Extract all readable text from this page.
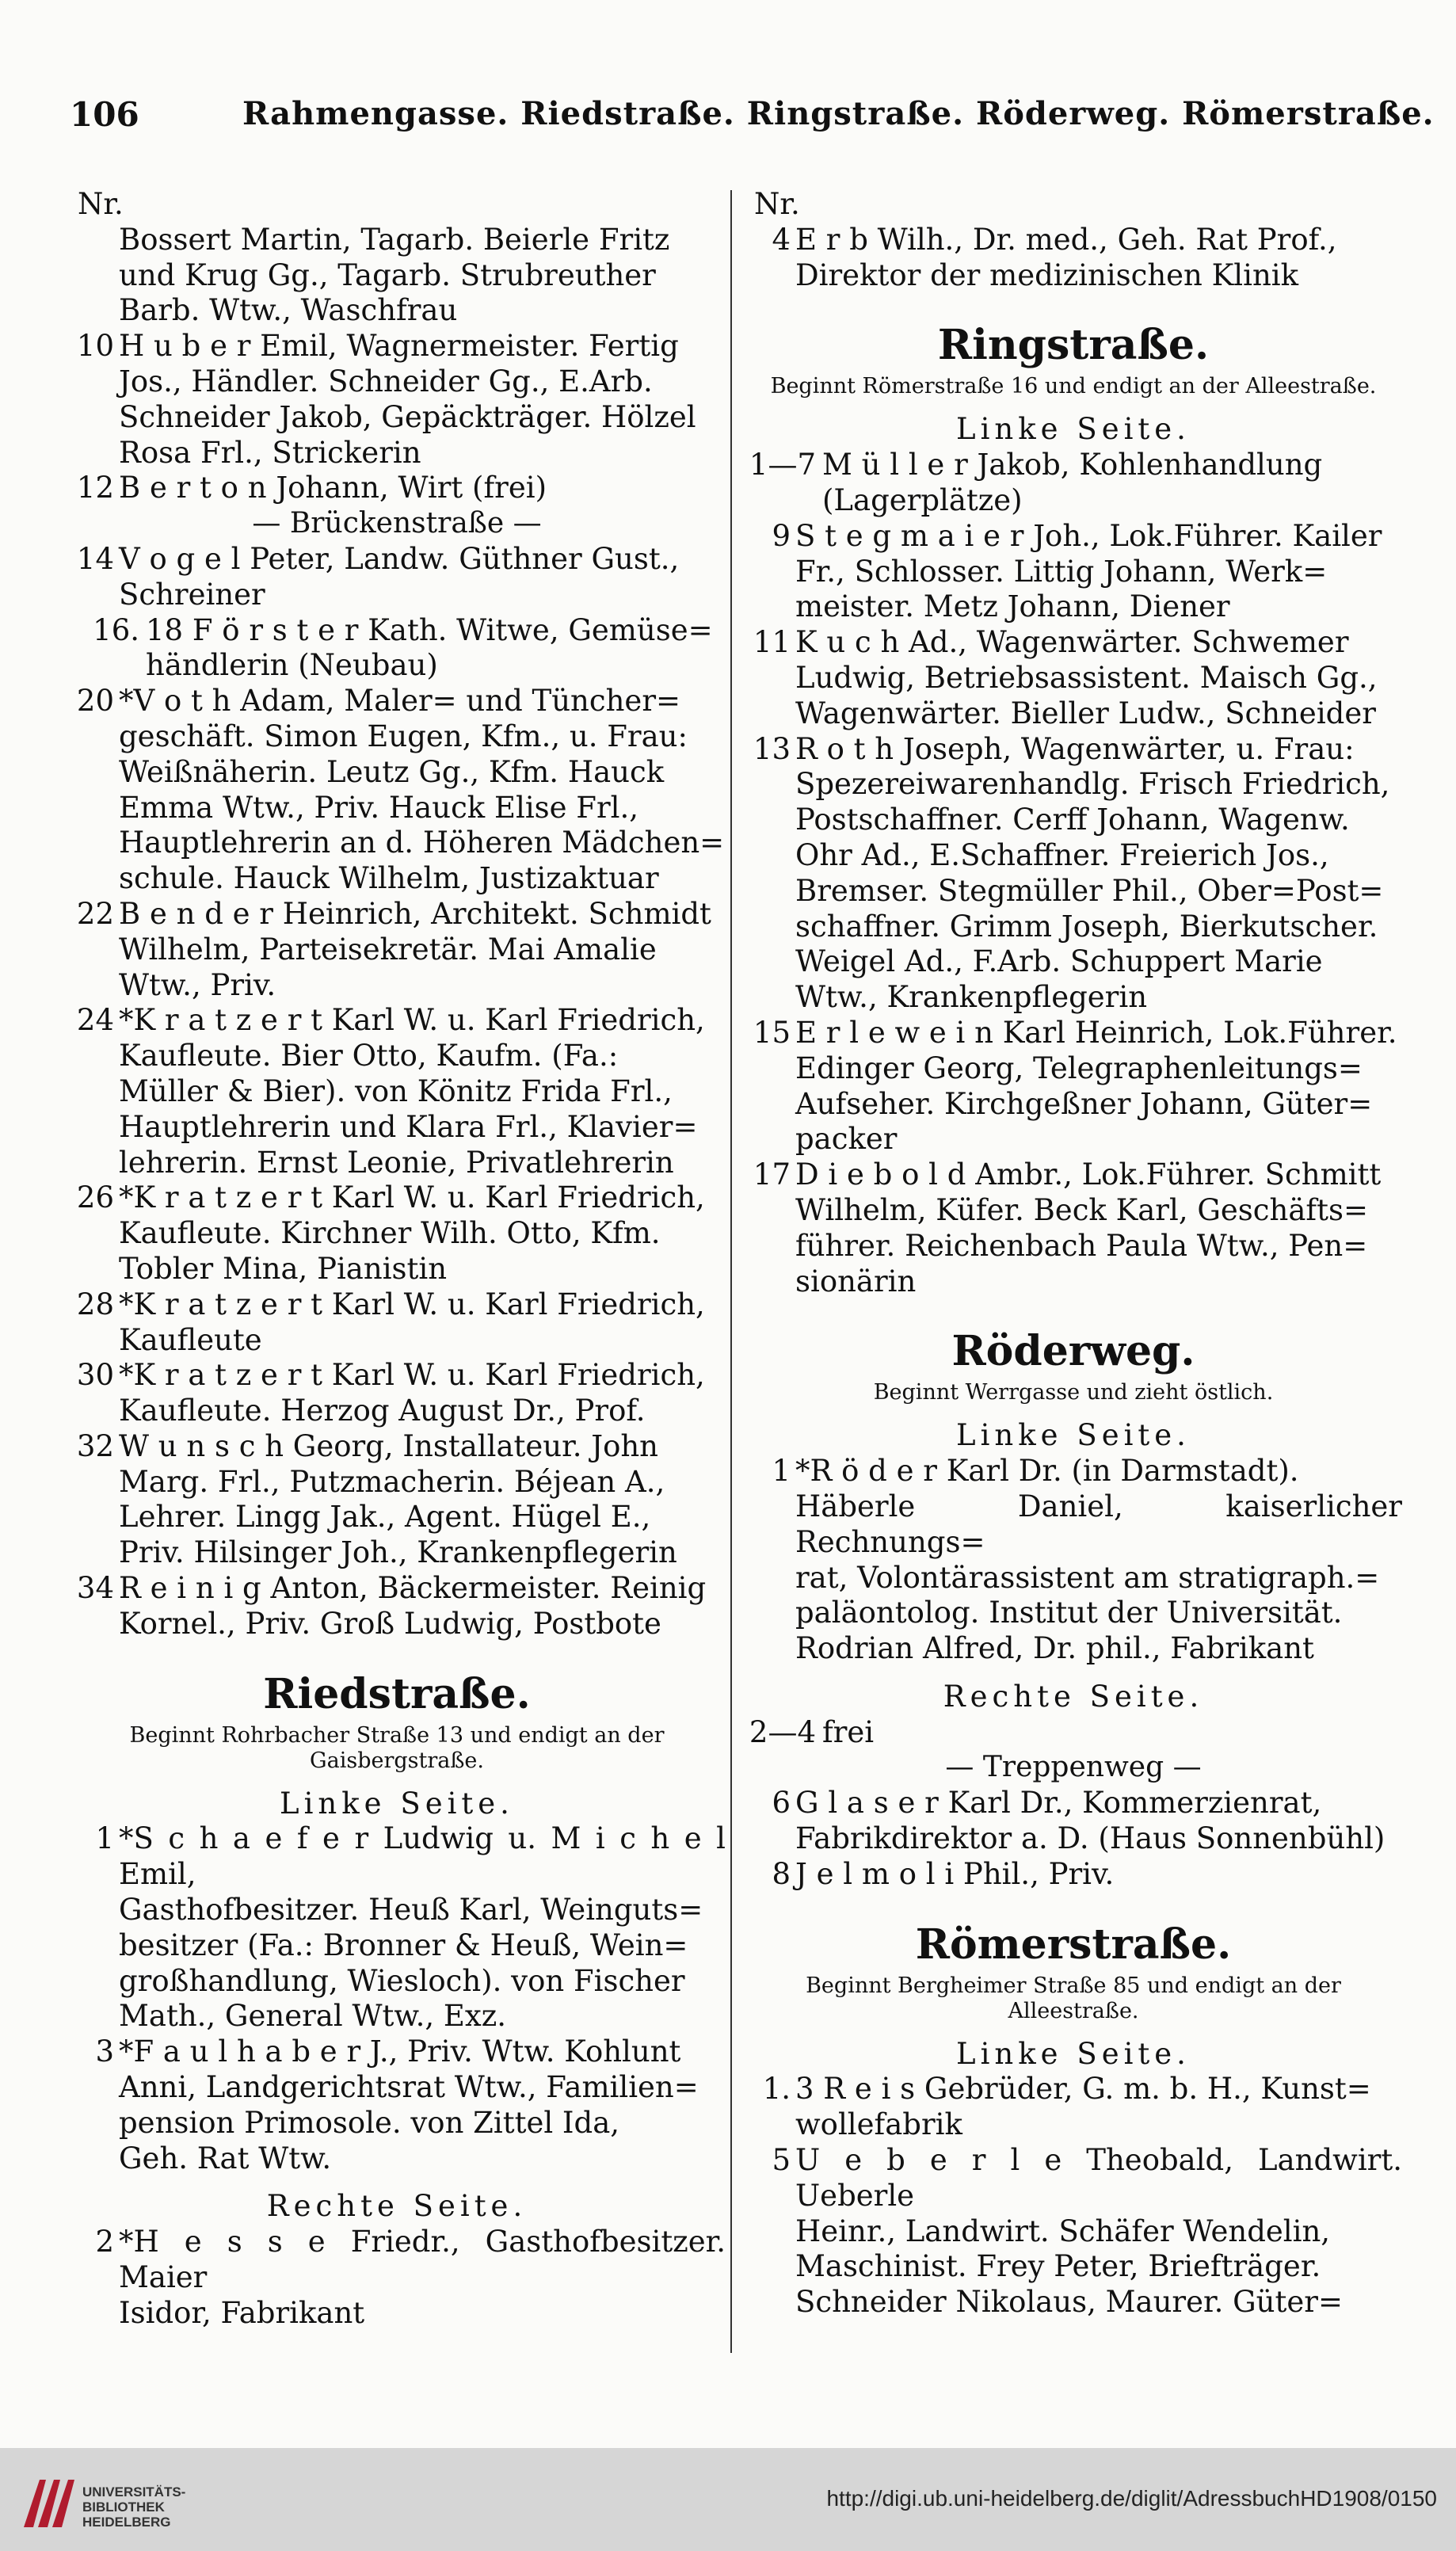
106	Rahmengasse. Riedstraße. Ringstraße. Röderweg. Römerstraße.
Nr.
Bossert Martin, Tagarb. Beierle Fritz
und Krug Gg., Tagarb. Strubreuther
Barb. Wtw., Waschfrau
10 H u b e r Emil, Wagnermeister. Fertig
Jos., Händler. Schneider Gg., E.Arb.
Schneider Jakob, Gepäckträger. Hölzel
Rosa Frl., Strickerin
12 B e r t o n Johann, Wirt (frei)
— Brückenstraße —
14 V o g e l Peter, Landw. Güthner Gust.,
Schreiner
16. 18 F ö r s t e r Kath. Witwe, Gemüse=
händlerin (Neubau)
20 *V o t h Adam, Maler= und Tüncher=
geschäft. Simon Eugen, Kfm., u. Frau:
Weißnäherin. Leutz Gg., Kfm. Hauck
Emma Wtw., Priv. Hauck Elise Frl.,
Hauptlehrerin an d. Höheren Mädchen=
schule. Hauck Wilhelm, Justizaktuar
22 B e n d e r Heinrich, Architekt. Schmidt
Wilhelm, Parteisekretär. Mai Amalie
Wtw., Priv.
24 *K r a t z e r t Karl W. u. Karl Friedrich,
Kaufleute. Bier Otto, Kaufm. (Fa.:
Müller & Bier). von Könitz Frida Frl.,
Hauptlehrerin und Klara Frl., Klavier=
lehrerin. Ernst Leonie, Privatlehrerin
26 *K r a t z e r t Karl W. u. Karl Friedrich,
Kaufleute. Kirchner Wilh. Otto, Kfm.
Tobler Mina, Pianistin
28 *K r a t z e r t Karl W. u. Karl Friedrich,
Kaufleute
30 *K r a t z e r t Karl W. u. Karl Friedrich,
Kaufleute. Herzog August Dr., Prof.
32 W u n s c h Georg, Installateur. John
Marg. Frl., Putzmacherin. Béjean A.,
Lehrer. Lingg Jak., Agent. Hügel E.,
Priv. Hilsinger Joh., Krankenpflegerin
34 R e i n i g Anton, Bäckermeister. Reinig
Kornel., Priv. Groß Ludwig, Postbote
Riedstraße.
Beginnt Rohrbacher Straße 13 und endigt an der Gaisbergstraße.
Linke Seite.
1 *S c h a e f e r Ludwig u. M i c h e l Emil,
Gasthofbesitzer. Heuß Karl, Weinguts=
besitzer (Fa.: Bronner & Heuß, Wein=
großhandlung, Wiesloch). von Fischer
Math., General Wtw., Exz.
3 *F a u l h a b e r J., Priv. Wtw. Kohlunt
Anni, Landgerichtsrat Wtw., Familien=
pension Primosole. von Zittel Ida,
Geh. Rat Wtw.
Rechte Seite.
2 *H e s s e Friedr., Gasthofbesitzer. Maier
Isidor, Fabrikant
Nr.
4 E r b Wilh., Dr. med., Geh. Rat Prof.,
Direktor der medizinischen Klinik
Ringstraße.
Beginnt Römerstraße 16 und endigt an der Alleestraße.
Linke Seite.
1—7 M ü l l e r Jakob, Kohlenhandlung
(Lagerplätze)
9 S t e g m a i e r Joh., Lok.Führer. Kailer
Fr., Schlosser. Littig Johann, Werk=
meister. Metz Johann, Diener
11 K u c h Ad., Wagenwärter. Schwemer
Ludwig, Betriebsassistent. Maisch Gg.,
Wagenwärter. Bieller Ludw., Schneider
13 R o t h Joseph, Wagenwärter, u. Frau:
Spezereiwarenhandlg. Frisch Friedrich,
Postschaffner. Cerff Johann, Wagenw.
Ohr Ad., E.Schaffner. Freierich Jos.,
Bremser. Stegmüller Phil., Ober=Post=
schaffner. Grimm Joseph, Bierkutscher.
Weigel Ad., F.Arb. Schuppert Marie
Wtw., Krankenpflegerin
15 E r l e w e i n Karl Heinrich, Lok.Führer.
Edinger Georg, Telegraphenleitungs=
Aufseher. Kirchgeßner Johann, Güter=
packer
17 D i e b o l d Ambr., Lok.Führer. Schmitt
Wilhelm, Küfer. Beck Karl, Geschäfts=
führer. Reichenbach Paula Wtw., Pen=
sionärin
Röderweg.
Beginnt Werrgasse und zieht östlich.
Linke Seite.
1 *R ö d e r Karl Dr. (in Darmstadt).
Häberle Daniel, kaiserlicher Rechnungs=
rat, Volontärassistent am stratigraph.=
paläontolog. Institut der Universität.
Rodrian Alfred, Dr. phil., Fabrikant
Rechte Seite.
2—4 frei
— Treppenweg —
6 G l a s e r Karl Dr., Kommerzienrat,
Fabrikdirektor a. D. (Haus Sonnenbühl)
8 J e l m o l i Phil., Priv.
Römerstraße.
Beginnt Bergheimer Straße 85 und endigt an der Alleestraße.
Linke Seite.
1. 3 R e i s Gebrüder, G. m. b. H., Kunst=
wollefabrik
5 U e b e r l e Theobald, Landwirt. Ueberle
Heinr., Landwirt. Schäfer Wendelin,
Maschinist. Frey Peter, Briefträger.
Schneider Nikolaus, Maurer. Güter=
UNIVERSITÄTS-
BIBLIOTHEK
HEIDELBERG
http://digi.ub.uni-heidelberg.de/diglit/AdressbuchHD1908/0150
